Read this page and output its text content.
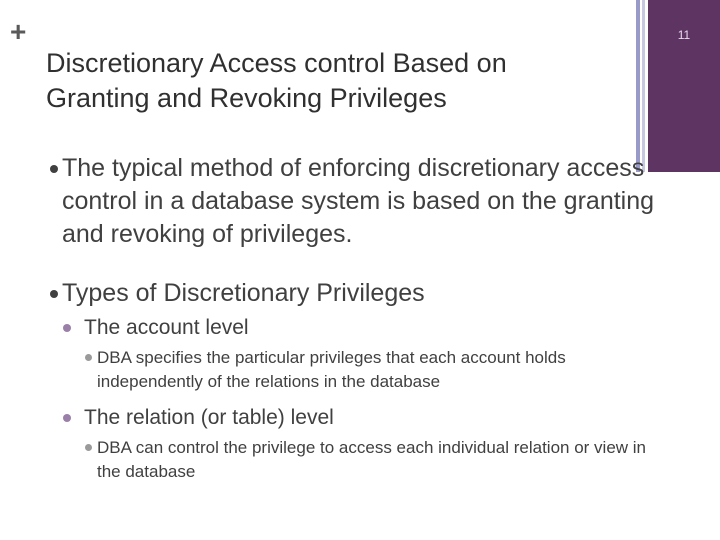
+
Discretionary Access control Based on
Granting and Revoking Privileges
11

The typical method of enforcing discretionary access control in a database system is based on the granting and revoking of privileges.

Types of Discretionary Privileges

The account level

DBA specifies the particular privileges that each account holds independently of the relations in the database

The relation (or table) level

DBA can control the privilege to access each individual relation or view in the database
